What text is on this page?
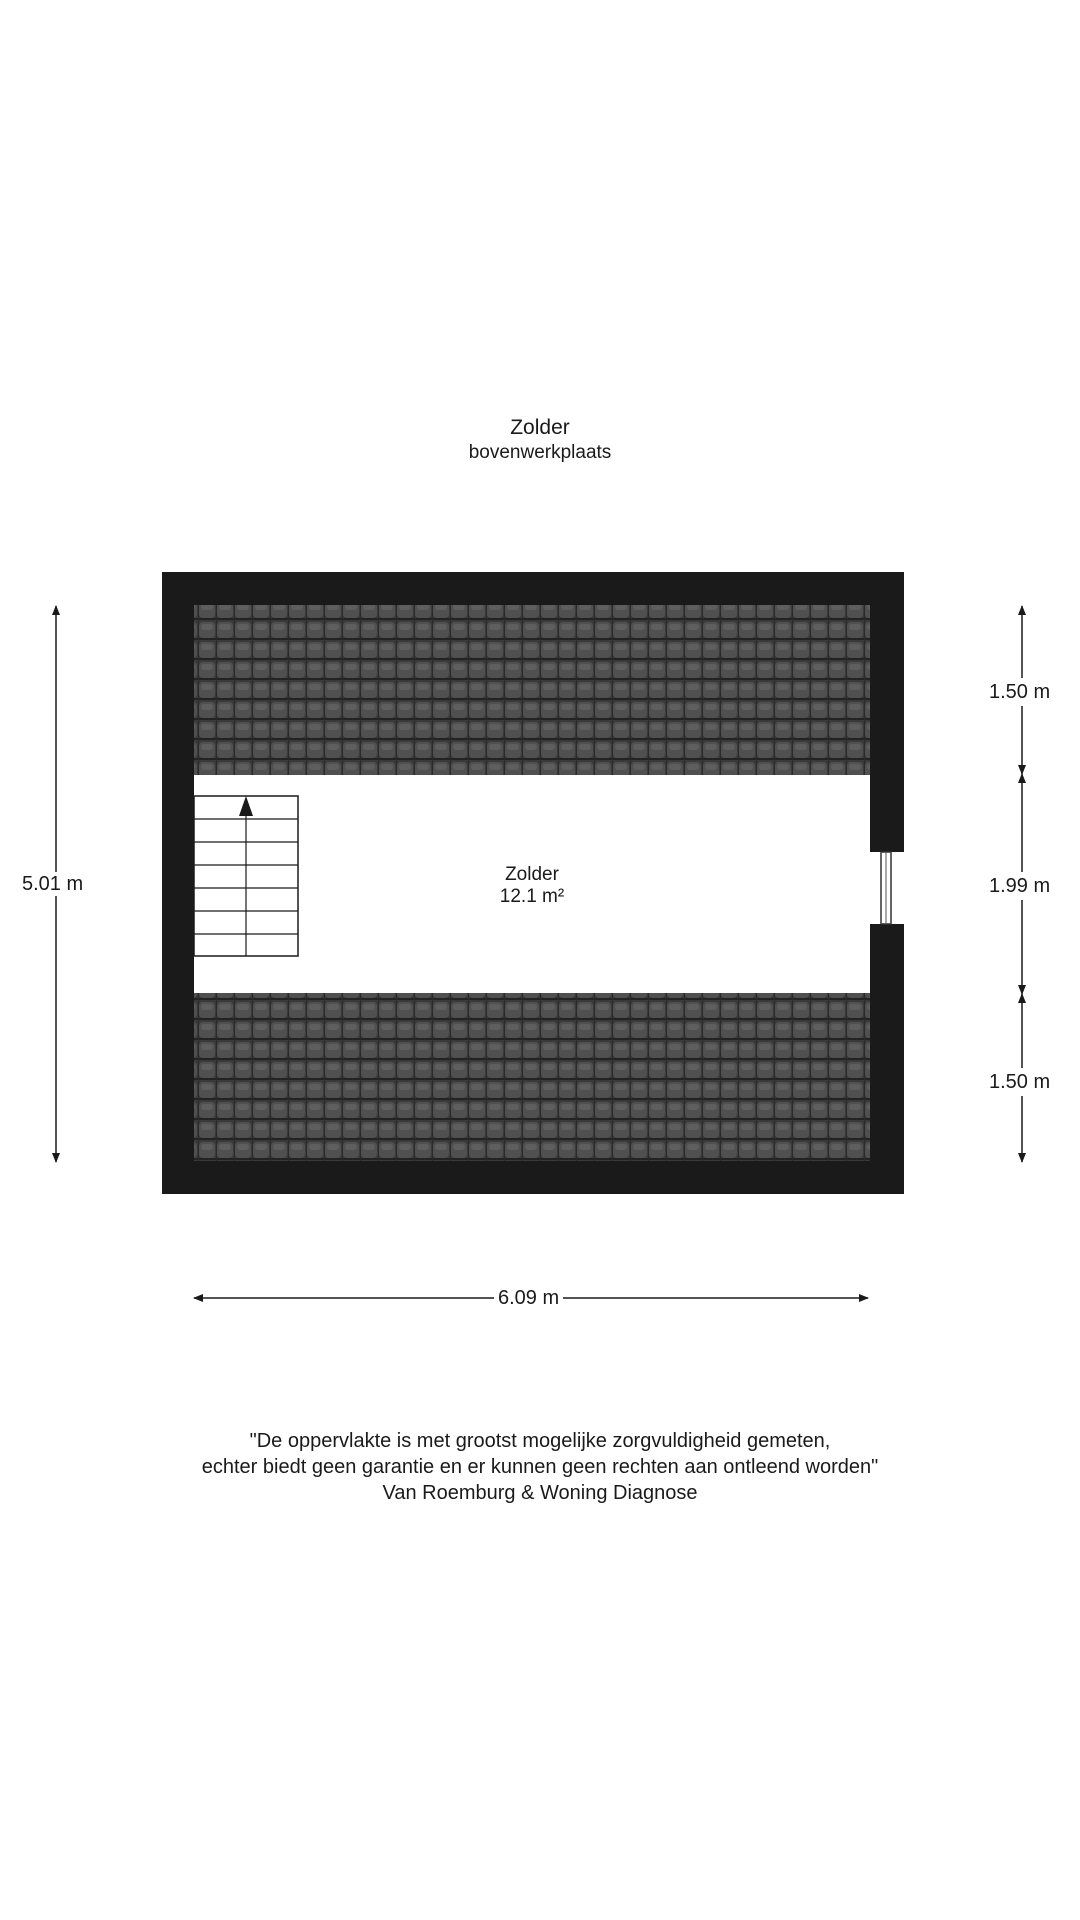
Zolder
bovenwerkplaats
Zolder
12.1 m²
5.01 m
6.09 m
1.50 m
1.99 m
1.50 m
"De oppervlakte is met grootst mogelijke zorgvuldigheid gemeten,
echter biedt geen garantie en er kunnen geen rechten aan ontleend worden"
Van Roemburg & Woning Diagnose
